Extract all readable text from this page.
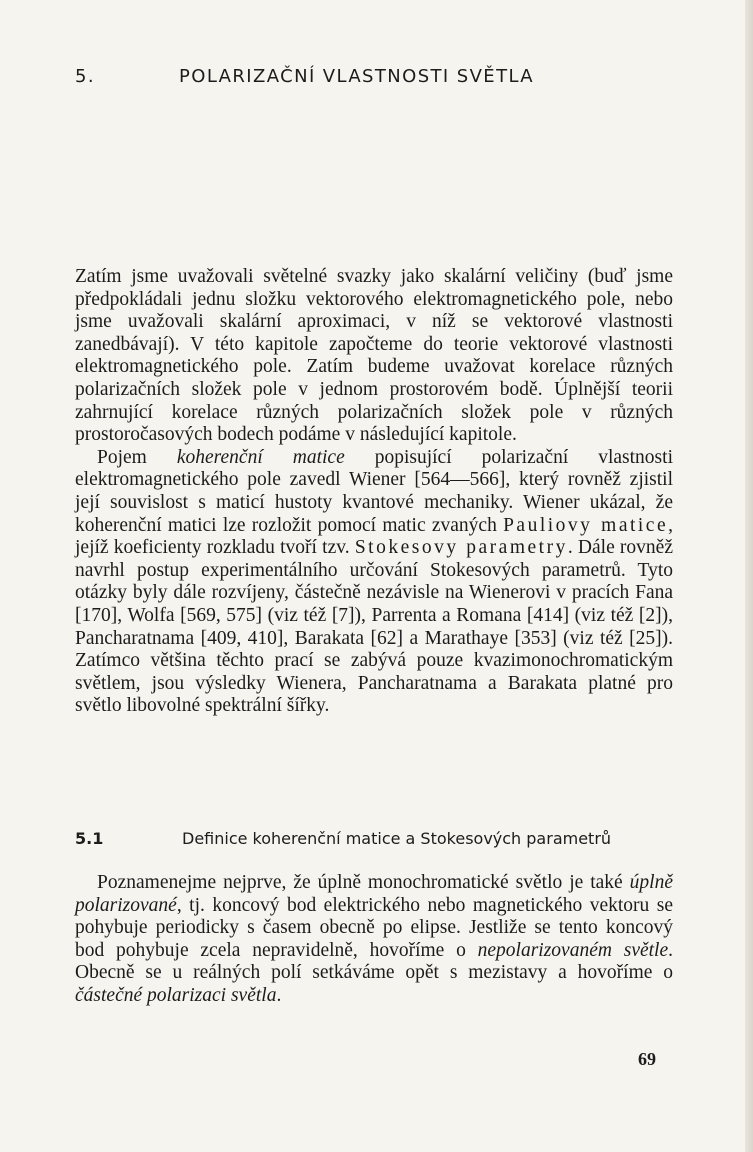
5.	POLARIZAČNÍ VLASTNOSTI SVĚTLA

Zatím jsme uvažovali světelné svazky jako skalární veličiny (buď jsme předpokládali jednu složku vektorového elektromagnetického pole, nebo jsme uvažovali skalární aproximaci, v níž se vektorové vlastnosti zanedbávají). V této kapitole započteme do teorie vektorové vlastnosti elektromagnetického pole. Zatím budeme uvažovat korelace různých polarizačních složek pole v jednom prostorovém bodě. Úplnější teorii zahrnující korelace různých polarizačních složek pole v různých prostoročasových bodech podáme v následující kapitole.

Pojem koherenční matice popisující polarizační vlastnosti elektromagnetického pole zavedl Wiener [564—566], který rovněž zjistil její souvislost s maticí hustoty kvantové mechaniky. Wiener ukázal, že koherenční matici lze rozložit pomocí matic zvaných Pauliovy matice, jejíž koeficienty rozkladu tvoří tzv. Stokesovy parametry. Dále rovněž navrhl postup experimentálního určování Stokesových parametrů. Tyto otázky byly dále rozvíjeny, částečně nezávisle na Wienerovi v pracích Fana [170], Wolfa [569, 575] (viz též [7]), Parrenta a Romana [414] (viz též [2]), Pancharatnama [409, 410], Barakata [62] a Marathaye [353] (viz též [25]). Zatímco většina těchto prací se zabývá pouze kvazimonochromatickým světlem, jsou výsledky Wienera, Pancharatnama a Barakata platné pro světlo libovolné spektrální šířky.

5.1	Definice koherenční matice a Stokesových parametrů

Poznamenejme nejprve, že úplně monochromatické světlo je také úplně polarizované, tj. koncový bod elektrického nebo magnetického vektoru se pohybuje periodicky s časem obecně po elipse. Jestliže se tento koncový bod pohybuje zcela nepravidelně, hovoříme o nepolarizovaném světle. Obecně se u reálných polí setkáváme opět s mezistavy a hovoříme o částečné polarizaci světla.

69
